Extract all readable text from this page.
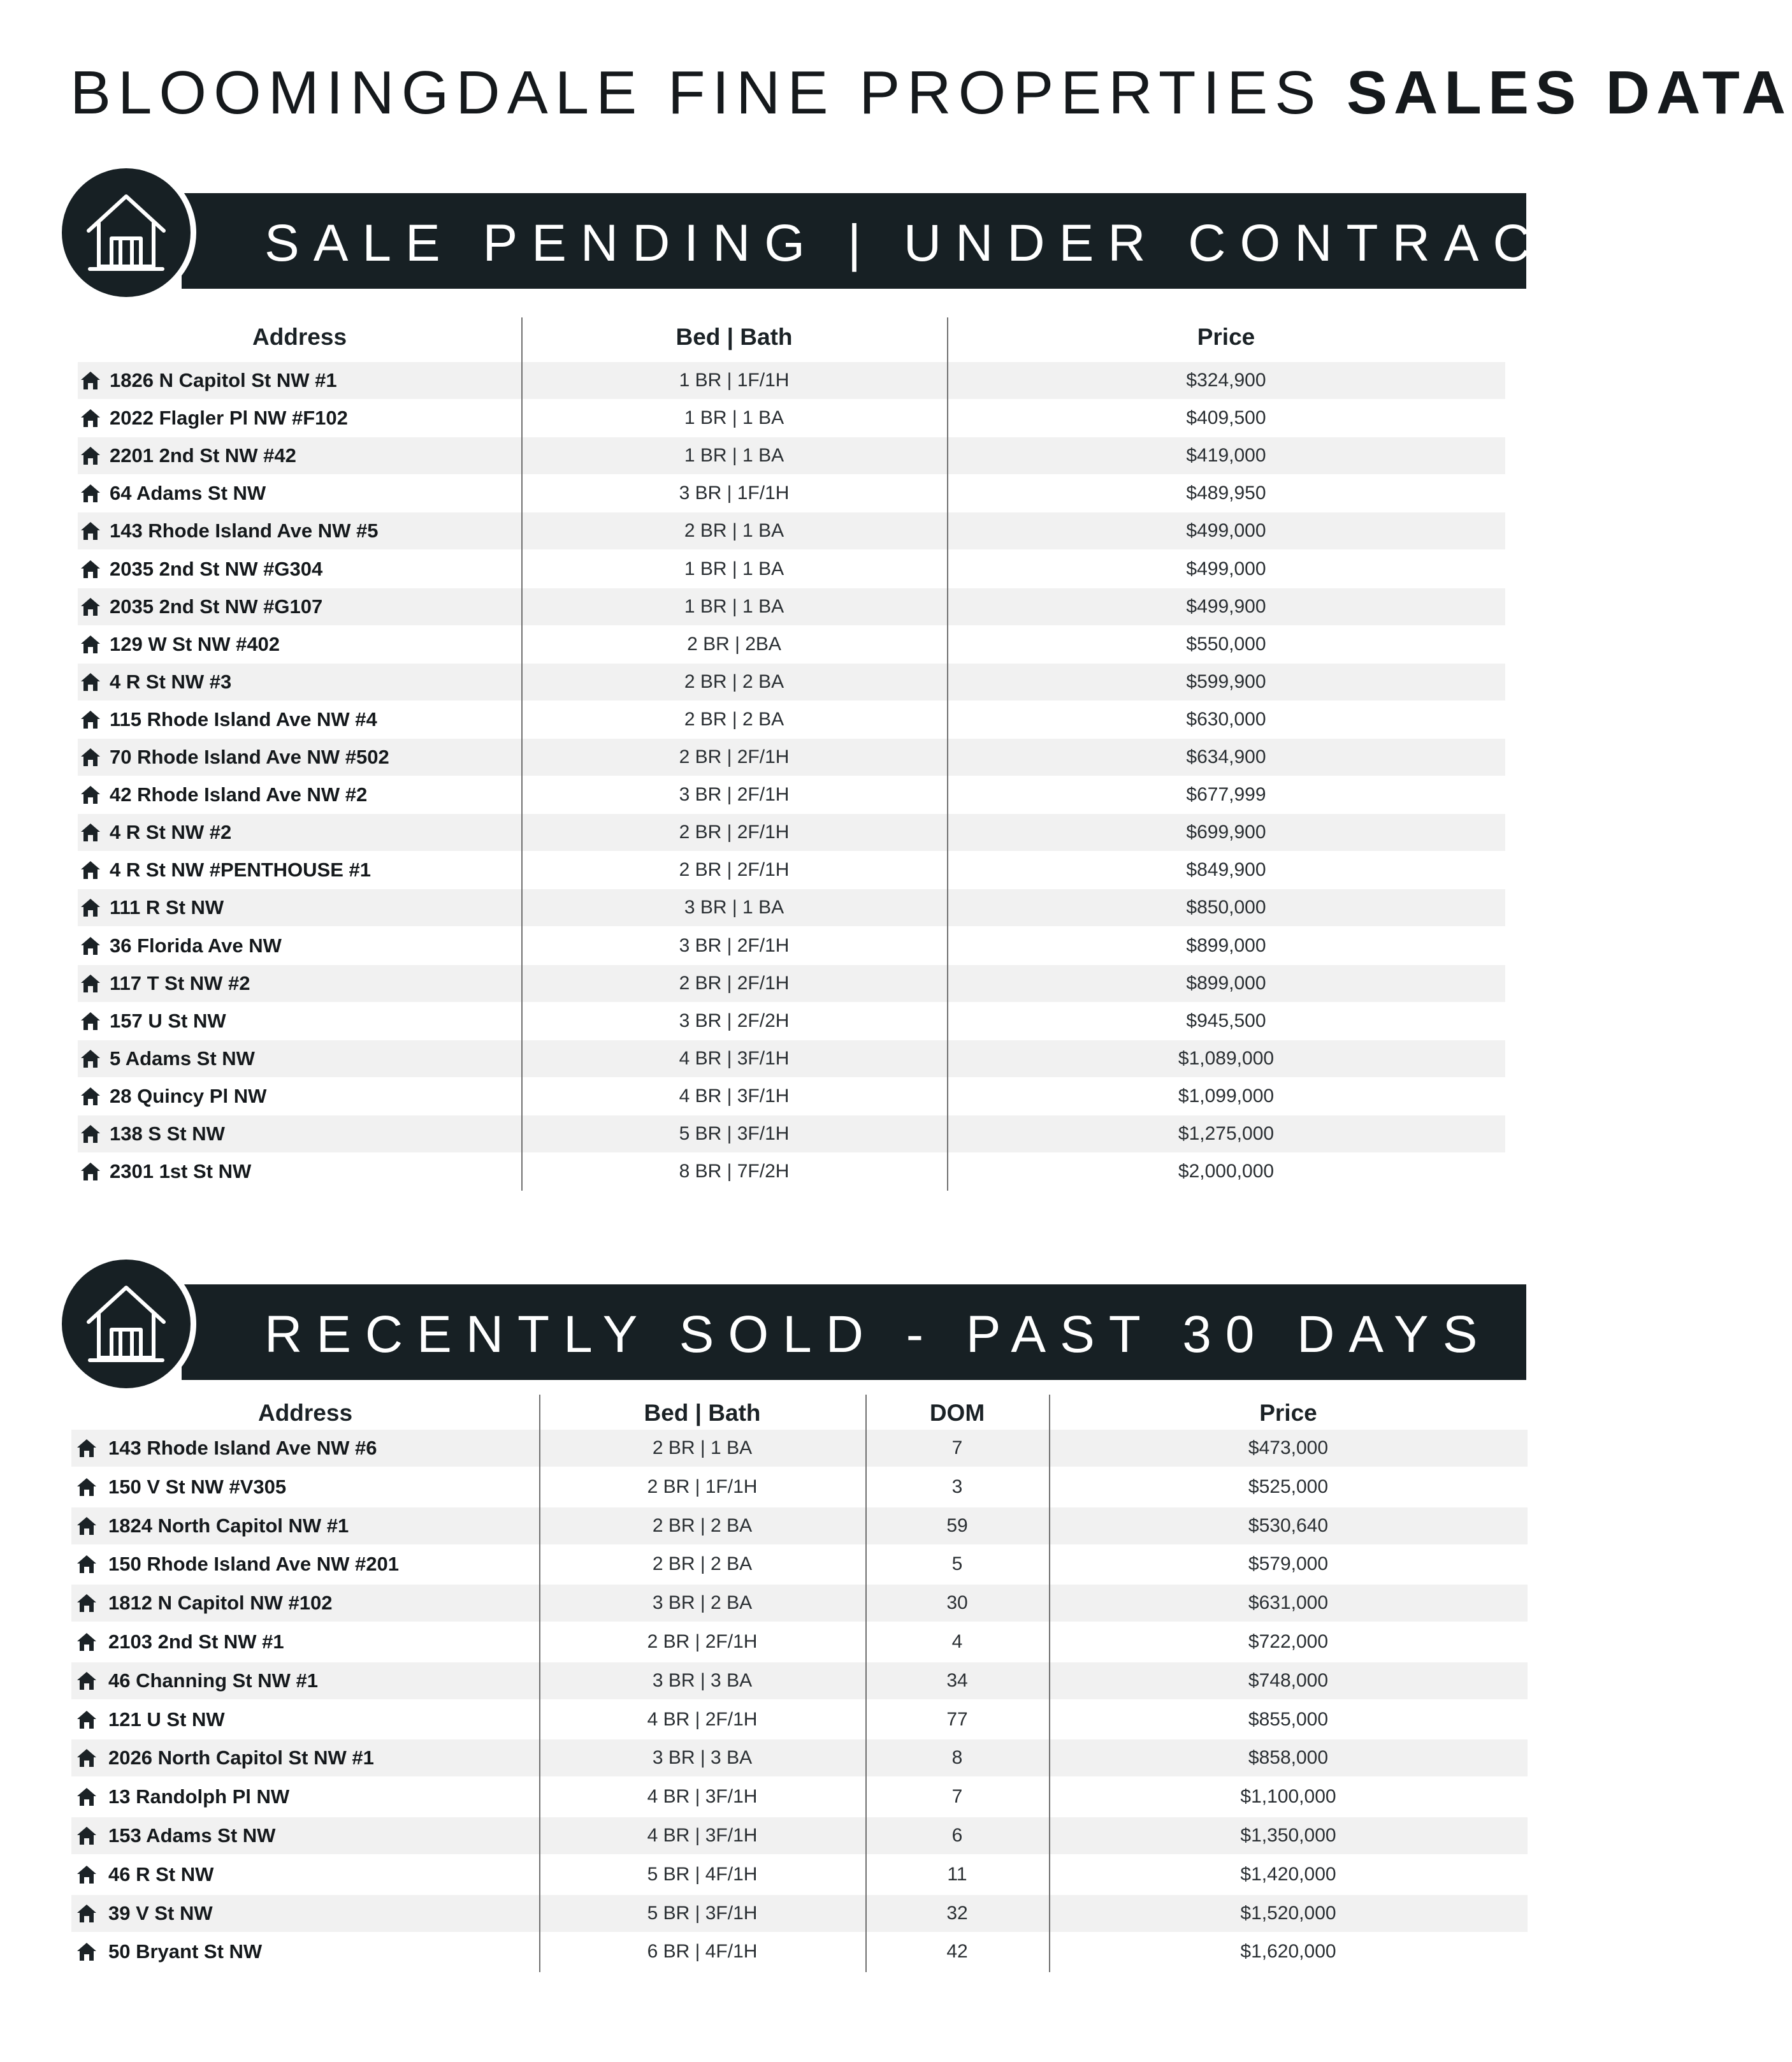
BLOOMINGDALE FINE PROPERTIES SALES DATA
SALE PENDING | UNDER CONTRACT
Address	Bed | Bath	Price
1826 N Capitol St NW #1	1 BR | 1F/1H	$324,900
2022 Flagler Pl NW #F102	1 BR | 1 BA	$409,500
2201 2nd St NW #42	1 BR | 1 BA	$419,000
64 Adams St NW	3 BR | 1F/1H	$489,950
143 Rhode Island Ave NW #5	2 BR | 1 BA	$499,000
2035 2nd St NW #G304	1 BR | 1 BA	$499,000
2035 2nd St NW #G107	1 BR | 1 BA	$499,900
129 W St NW #402	2 BR | 2BA	$550,000
4 R St NW #3	2 BR | 2 BA	$599,900
115 Rhode Island Ave NW #4	2 BR | 2 BA	$630,000
70 Rhode Island Ave NW #502	2 BR | 2F/1H	$634,900
42 Rhode Island Ave NW #2	3 BR | 2F/1H	$677,999
4 R St NW #2	2 BR | 2F/1H	$699,900
4 R St NW #PENTHOUSE #1	2 BR | 2F/1H	$849,900
111 R St NW	3 BR | 1 BA	$850,000
36 Florida Ave NW	3 BR | 2F/1H	$899,000
117 T St NW #2	2 BR | 2F/1H	$899,000
157 U St NW	3 BR | 2F/2H	$945,500
5 Adams St NW	4 BR | 3F/1H	$1,089,000
28 Quincy Pl NW	4 BR | 3F/1H	$1,099,000
138 S St NW	5 BR | 3F/1H	$1,275,000
2301 1st St NW	8 BR | 7F/2H	$2,000,000
RECENTLY SOLD - PAST 30 DAYS
Address	Bed | Bath	DOM	Price
143 Rhode Island Ave NW #6	2 BR | 1 BA	7	$473,000
150 V St NW #V305	2 BR | 1F/1H	3	$525,000
1824 North Capitol NW #1	2 BR | 2 BA	59	$530,640
150 Rhode Island Ave NW #201	2 BR | 2 BA	5	$579,000
1812 N Capitol NW #102	3 BR | 2 BA	30	$631,000
2103 2nd St NW #1	2 BR | 2F/1H	4	$722,000
46 Channing St NW #1	3 BR | 3 BA	34	$748,000
121 U St NW	4 BR | 2F/1H	77	$855,000
2026 North Capitol St NW #1	3 BR | 3 BA	8	$858,000
13 Randolph Pl NW	4 BR | 3F/1H	7	$1,100,000
153 Adams St NW	4 BR | 3F/1H	6	$1,350,000
46 R St NW	5 BR | 4F/1H	11	$1,420,000
39 V St NW	5 BR | 3F/1H	32	$1,520,000
50 Bryant St NW	6 BR | 4F/1H	42	$1,620,000
